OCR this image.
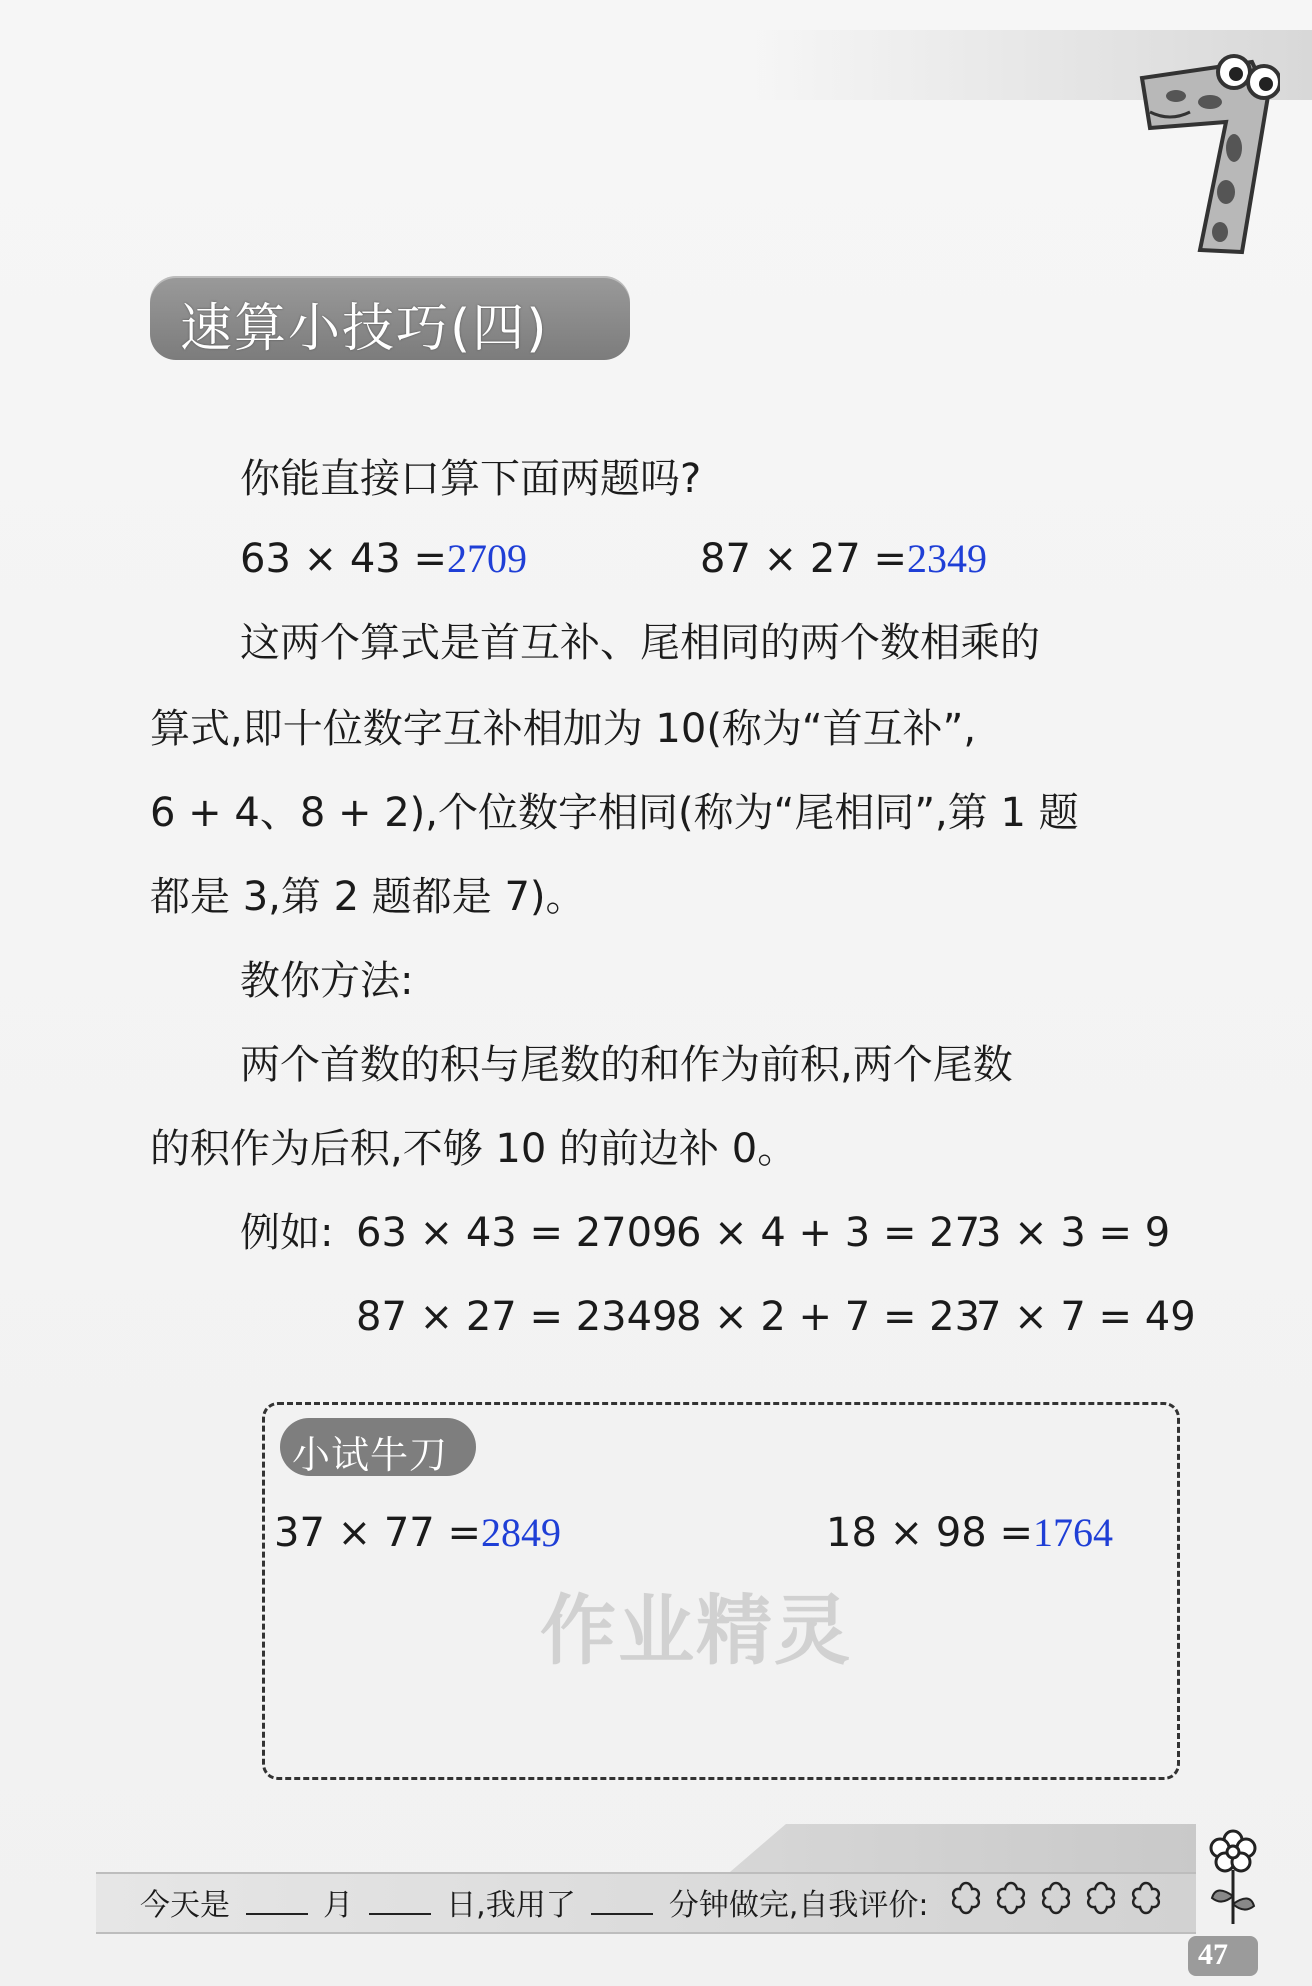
速算小技巧(四)
你能直接口算下面两题吗?
63 × 43 =2709	87 × 27 =2349
这两个算式是首互补、尾相同的两个数相乘的
算式,即十位数字互补相加为 10(称为“首互补”,
6 + 4、8 + 2),个位数字相同(称为“尾相同”,第 1 题
都是 3,第 2 题都是 7)。
教你方法:
两个首数的积与尾数的和作为前积,两个尾数
的积作为后积,不够 10 的前边补 0。
例如: 63 × 43 = 2709
6 × 4 + 3 = 27
3 × 3 = 9
87 × 27 = 2349
8 × 2 + 7 = 23
7 × 7 = 49
小试牛刀
37 × 77 =2849	18 × 98 =1764
作业精灵
今天是	月	日,我用了	分钟做完,自我评价:

47
